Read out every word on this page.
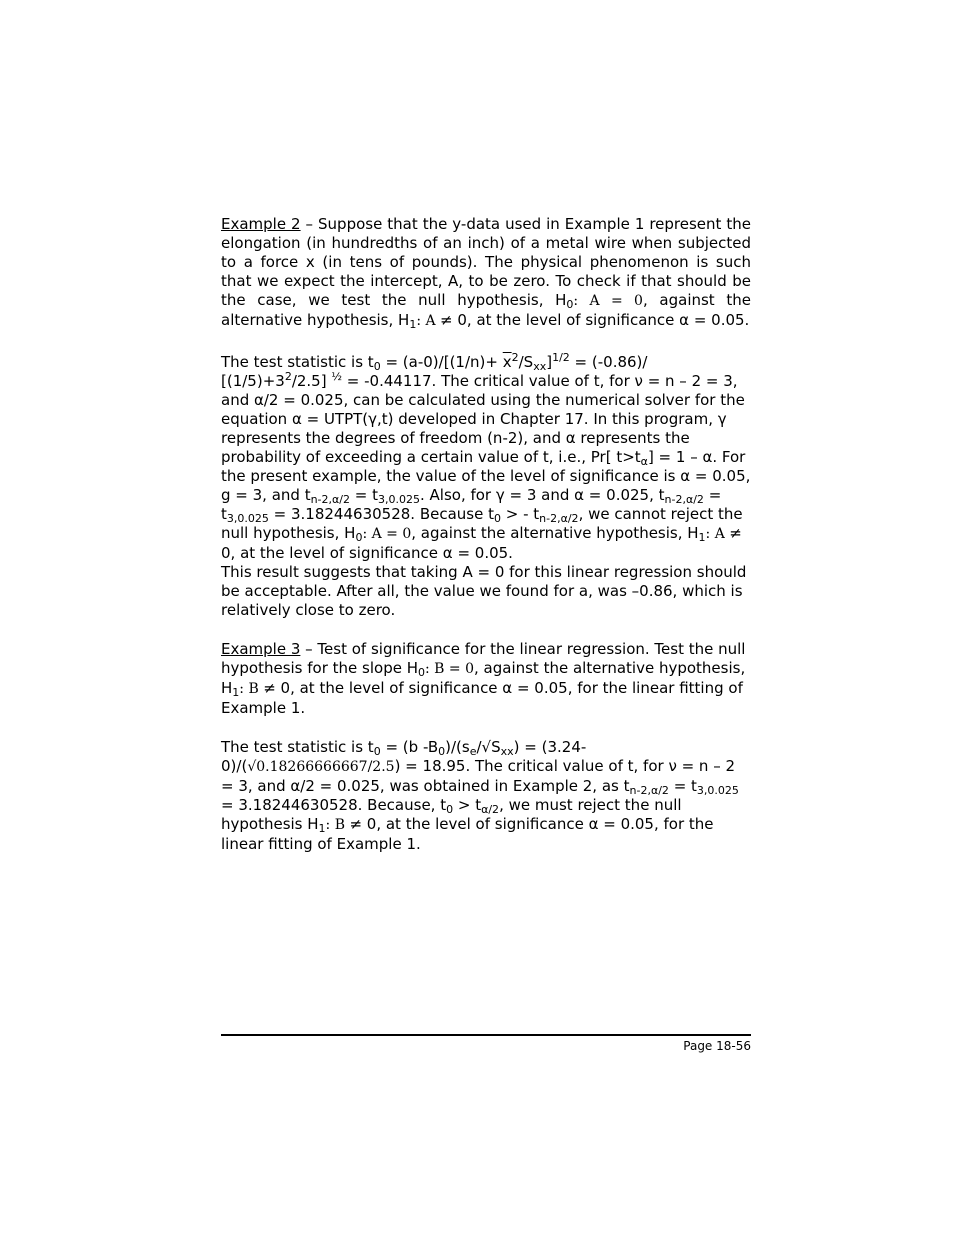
Example 2 – Suppose that the y-data used in Example 1 represent the elongation (in hundredths of an inch) of a metal wire when subjected to a force x (in tens of pounds). The physical phenomenon is such that we expect the intercept, A, to be zero. To check if that should be the case, we test the null hypothesis, $H_0$: A = 0, against the alternative hypothesis, $H_1$: A ≠ 0, at the level of significance α = 0.05.

The test statistic is $t_0 = (a-0)/[(1/n)+ \overline{x}^2/S_{xx}]^{1/2} = (-0.86)/$ $[(1/5)+3^2/2.5] ^{\frac{1}{2}} = -0.44117$. The critical value of t, for ν = n – 2 = 3, and α/2 = 0.025, can be calculated using the numerical solver for the equation α = UTPT(γ,t) developed in Chapter 17. In this program, γ represents the degrees of freedom (n-2), and α represents the probability of exceeding a certain value of t, i.e., Pr[ $t>t_\alpha] = 1 - \alpha$. For the present example, the value of the level of significance is α = 0.05, g = 3, and $t_{n-2,\alpha/2} = t_{3,0.025}$. Also, for γ = 3 and α = 0.025, $t_{n-2,\alpha/2} = t_{3,0.025} = 3.18244630528$. Because $t_0$ > - $t_{n-2,\alpha/2}$, we cannot reject the null hypothesis, $H_0$: A = 0, against the alternative hypothesis, $H_1$: A ≠ 0, at the level of significance α = 0.05.

This result suggests that taking A = 0 for this linear regression should be acceptable. After all, the value we found for a, was –0.86, which is relatively close to zero.

Example 3 – Test of significance for the linear regression. Test the null hypothesis for the slope $H_0$: B = 0, against the alternative hypothesis, $H_1$: B ≠ 0, at the level of significance α = 0.05, for the linear fitting of Example 1.

The test statistic is $t_0 = (b$ $-B_0)/(s_e/√S_{xx}) = (3.24-0)/(√0.18266666667/2.5) = 18.95$. The critical value of t, for ν = n – 2 = 3, and α/2 = 0.025, was obtained in Example 2, as $t_{n-2,\alpha/2} = t_{3,0.025} = 3.18244630528$. Because, $t_0 > t_{\alpha/2}$, we must reject the null hypothesis $H_1$: B ≠ 0, at the level of significance α = 0.05, for the linear fitting of Example 1.

Page 18-56
